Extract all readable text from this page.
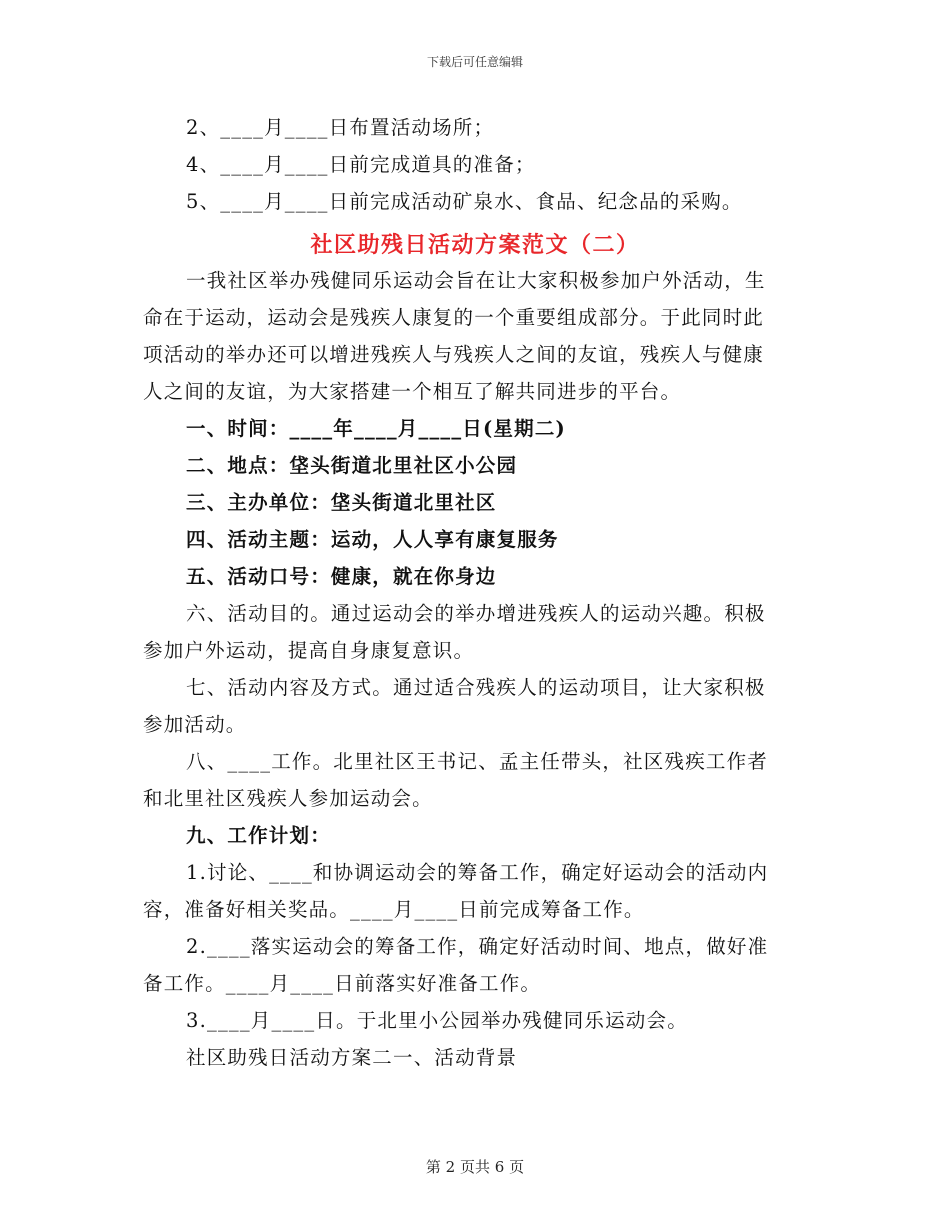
下载后可任意编辑
2、____月____日布置活动场所；
4、____月____日前完成道具的准备；
5、____月____日前完成活动矿泉水、食品、纪念品的采购。
社区助残日活动方案范文（二）
一我社区举办残健同乐运动会旨在让大家积极参加户外活动，生
命在于运动，运动会是残疾人康复的一个重要组成部分。于此同时此
项活动的举办还可以增进残疾人与残疾人之间的友谊，残疾人与健康
人之间的友谊，为大家搭建一个相互了解共同进步的平台。
一、时间：____年____月____日(星期二)
二、地点：垡头街道北里社区小公园
三、主办单位：垡头街道北里社区
四、活动主题：运动，人人享有康复服务
五、活动口号：健康，就在你身边
六、活动目的。通过运动会的举办增进残疾人的运动兴趣。积极
参加户外运动，提高自身康复意识。
七、活动内容及方式。通过适合残疾人的运动项目，让大家积极
参加活动。
八、____工作。北里社区王书记、孟主任带头，社区残疾工作者
和北里社区残疾人参加运动会。
九、工作计划：
1.讨论、____和协调运动会的筹备工作，确定好运动会的活动内
容，准备好相关奖品。____月____日前完成筹备工作。
2.____落实运动会的筹备工作，确定好活动时间、地点，做好准
备工作。____月____日前落实好准备工作。
3.____月____日。于北里小公园举办残健同乐运动会。
社区助残日活动方案二一、活动背景
第 2 页共 6 页
